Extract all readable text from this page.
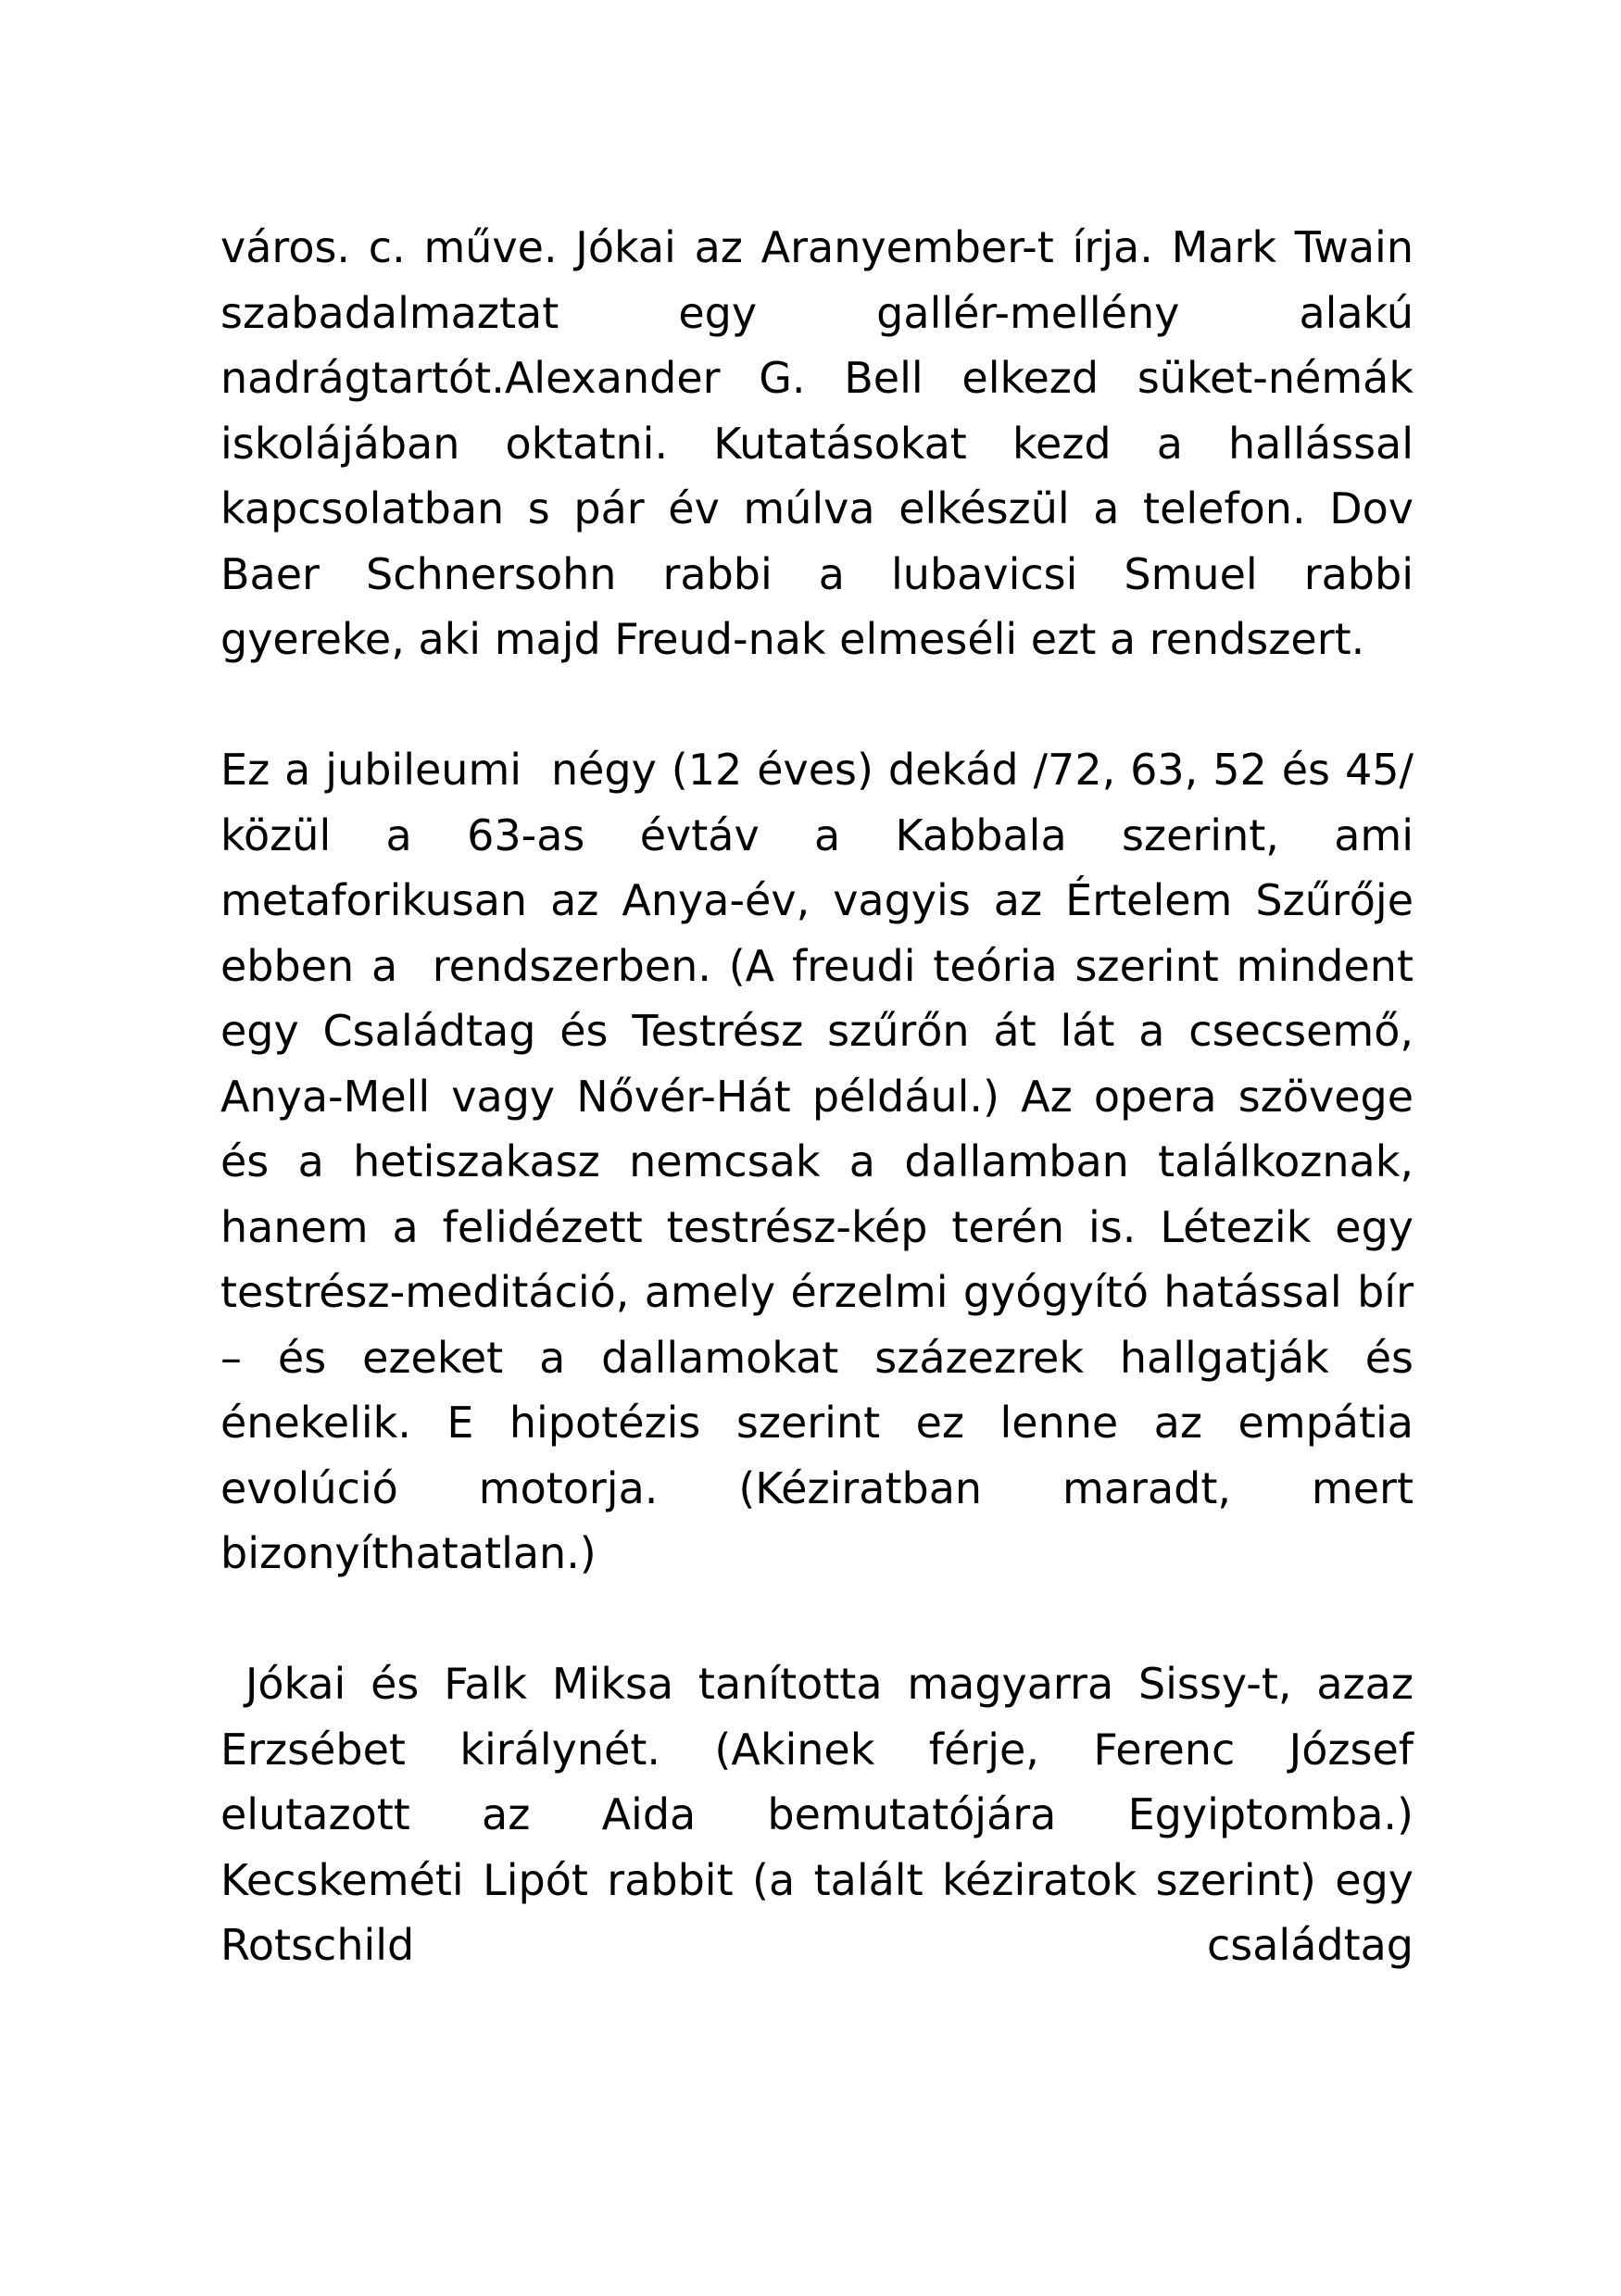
város. c. műve. Jókai az Aranyember-t írja. Mark Twain szabadalmaztat egy gallér-mellény alakú nadrágtartót.Alexander G. Bell elkezd süket-némák iskolájában oktatni. Kutatásokat kezd a hallással kapcsolatban s pár év múlva elkészül a telefon. Dov Baer Schnersohn rabbi a lubavicsi Smuel rabbi gyereke, aki majd Freud-nak elmeséli ezt a rendszert.

Ez a jubileumi  négy (12 éves) dekád /72, 63, 52 és 45/ közül a 63-as évtáv a Kabbala szerint, ami metaforikusan az Anya-év, vagyis az Értelem Szűrője ebben a  rendszerben. (A freudi teória szerint mindent egy Családtag és Testrész szűrőn át lát a csecsemő, Anya-Mell vagy Nővér-Hát például.) Az opera szövege és a hetiszakasz nemcsak a dallamban találkoznak, hanem a felidézett testrész-kép terén is. Létezik egy testrész-meditáció, amely érzelmi gyógyító hatással bír – és ezeket a dallamokat százezrek hallgatják és énekelik. E hipotézis szerint ez lenne az empátia evolúció motorja. (Kéziratban maradt, mert bizonyíthatatlan.)

Jókai és Falk Miksa tanította magyarra Sissy-t, azaz Erzsébet királynét. (Akinek férje, Ferenc József elutazott az Aida bemutatójára Egyiptomba.) Kecskeméti Lipót rabbit (a talált kéziratok szerint) egy Rotschild családtag
